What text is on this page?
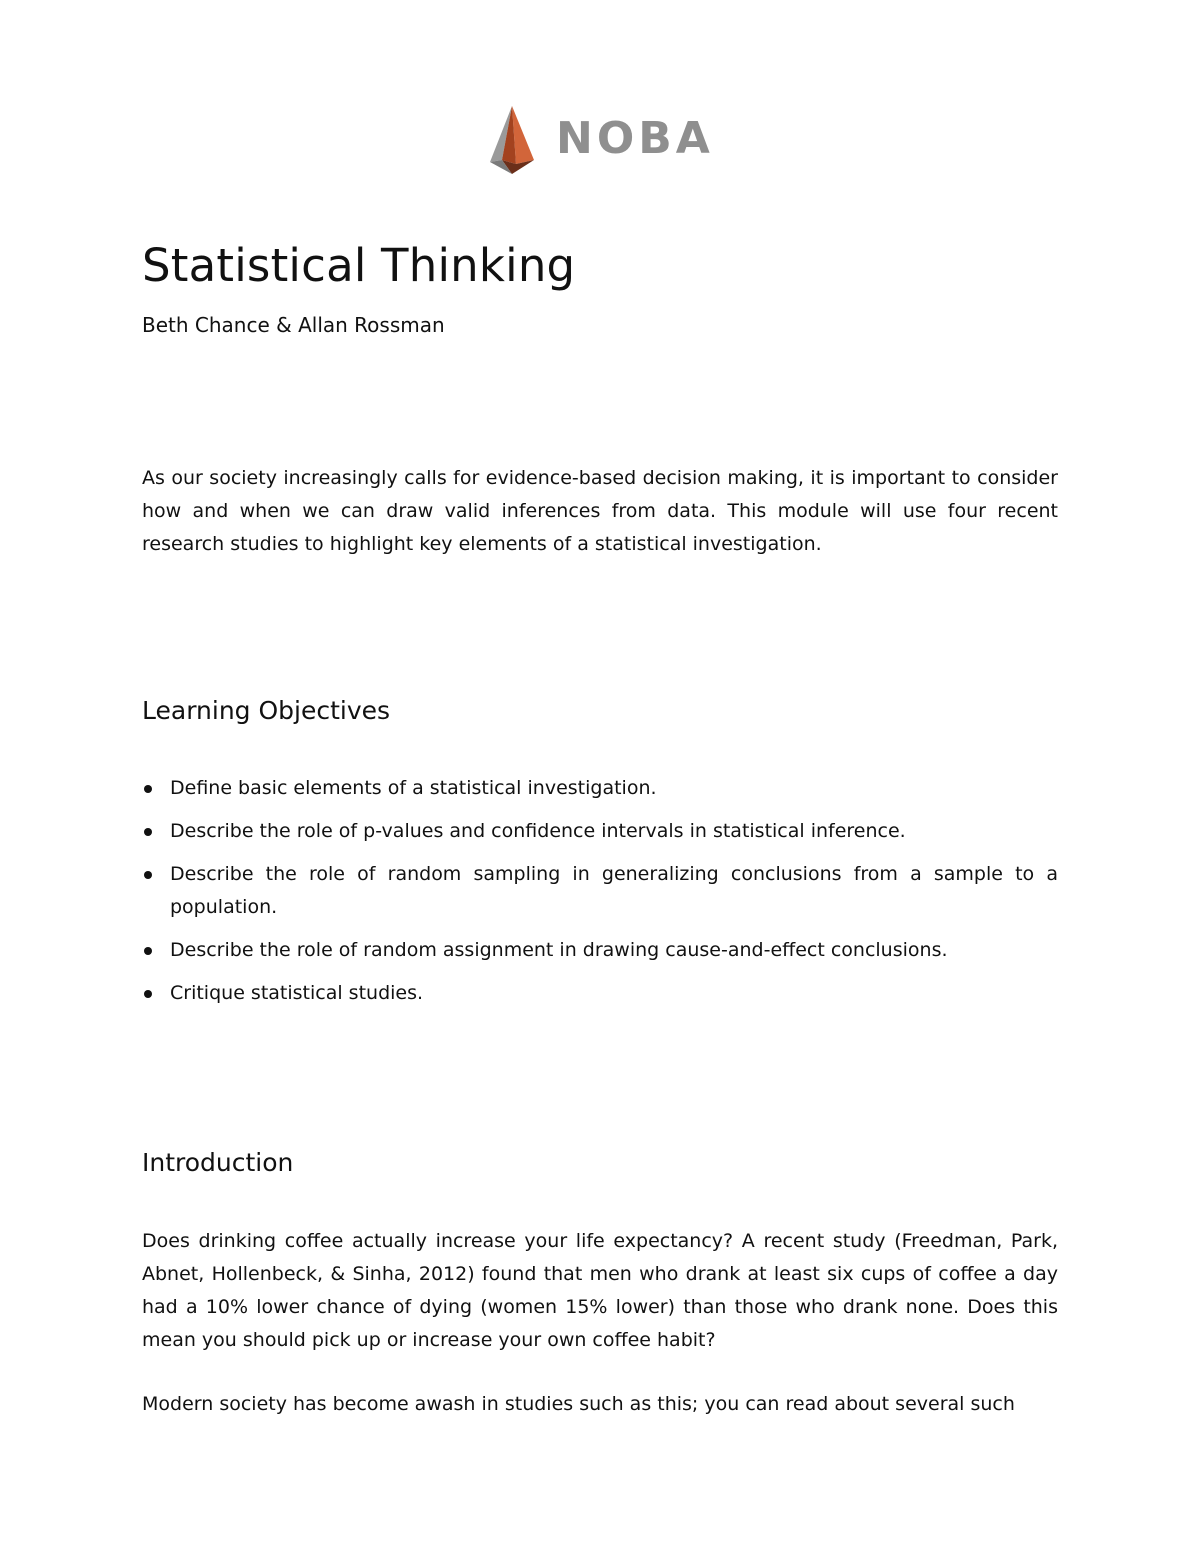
NOBA
Statistical Thinking
Beth Chance & Allan Rossman

As our society increasingly calls for evidence-based decision making, it is important to consider how and when we can draw valid inferences from data. This module will use four recent research studies to highlight key elements of a statistical investigation.

Learning Objectives
Define basic elements of a statistical investigation.
Describe the role of p-values and confidence intervals in statistical inference.
Describe the role of random sampling in generalizing conclusions from a sample to a population.
Describe the role of random assignment in drawing cause-and-effect conclusions.
Critique statistical studies.
Introduction

Does drinking coffee actually increase your life expectancy? A recent study (Freedman, Park, Abnet, Hollenbeck, & Sinha, 2012) found that men who drank at least six cups of coffee a day had a 10% lower chance of dying (women 15% lower) than those who drank none. Does this mean you should pick up or increase your own coffee habit?

Modern society has become awash in studies such as this; you can read about several such
